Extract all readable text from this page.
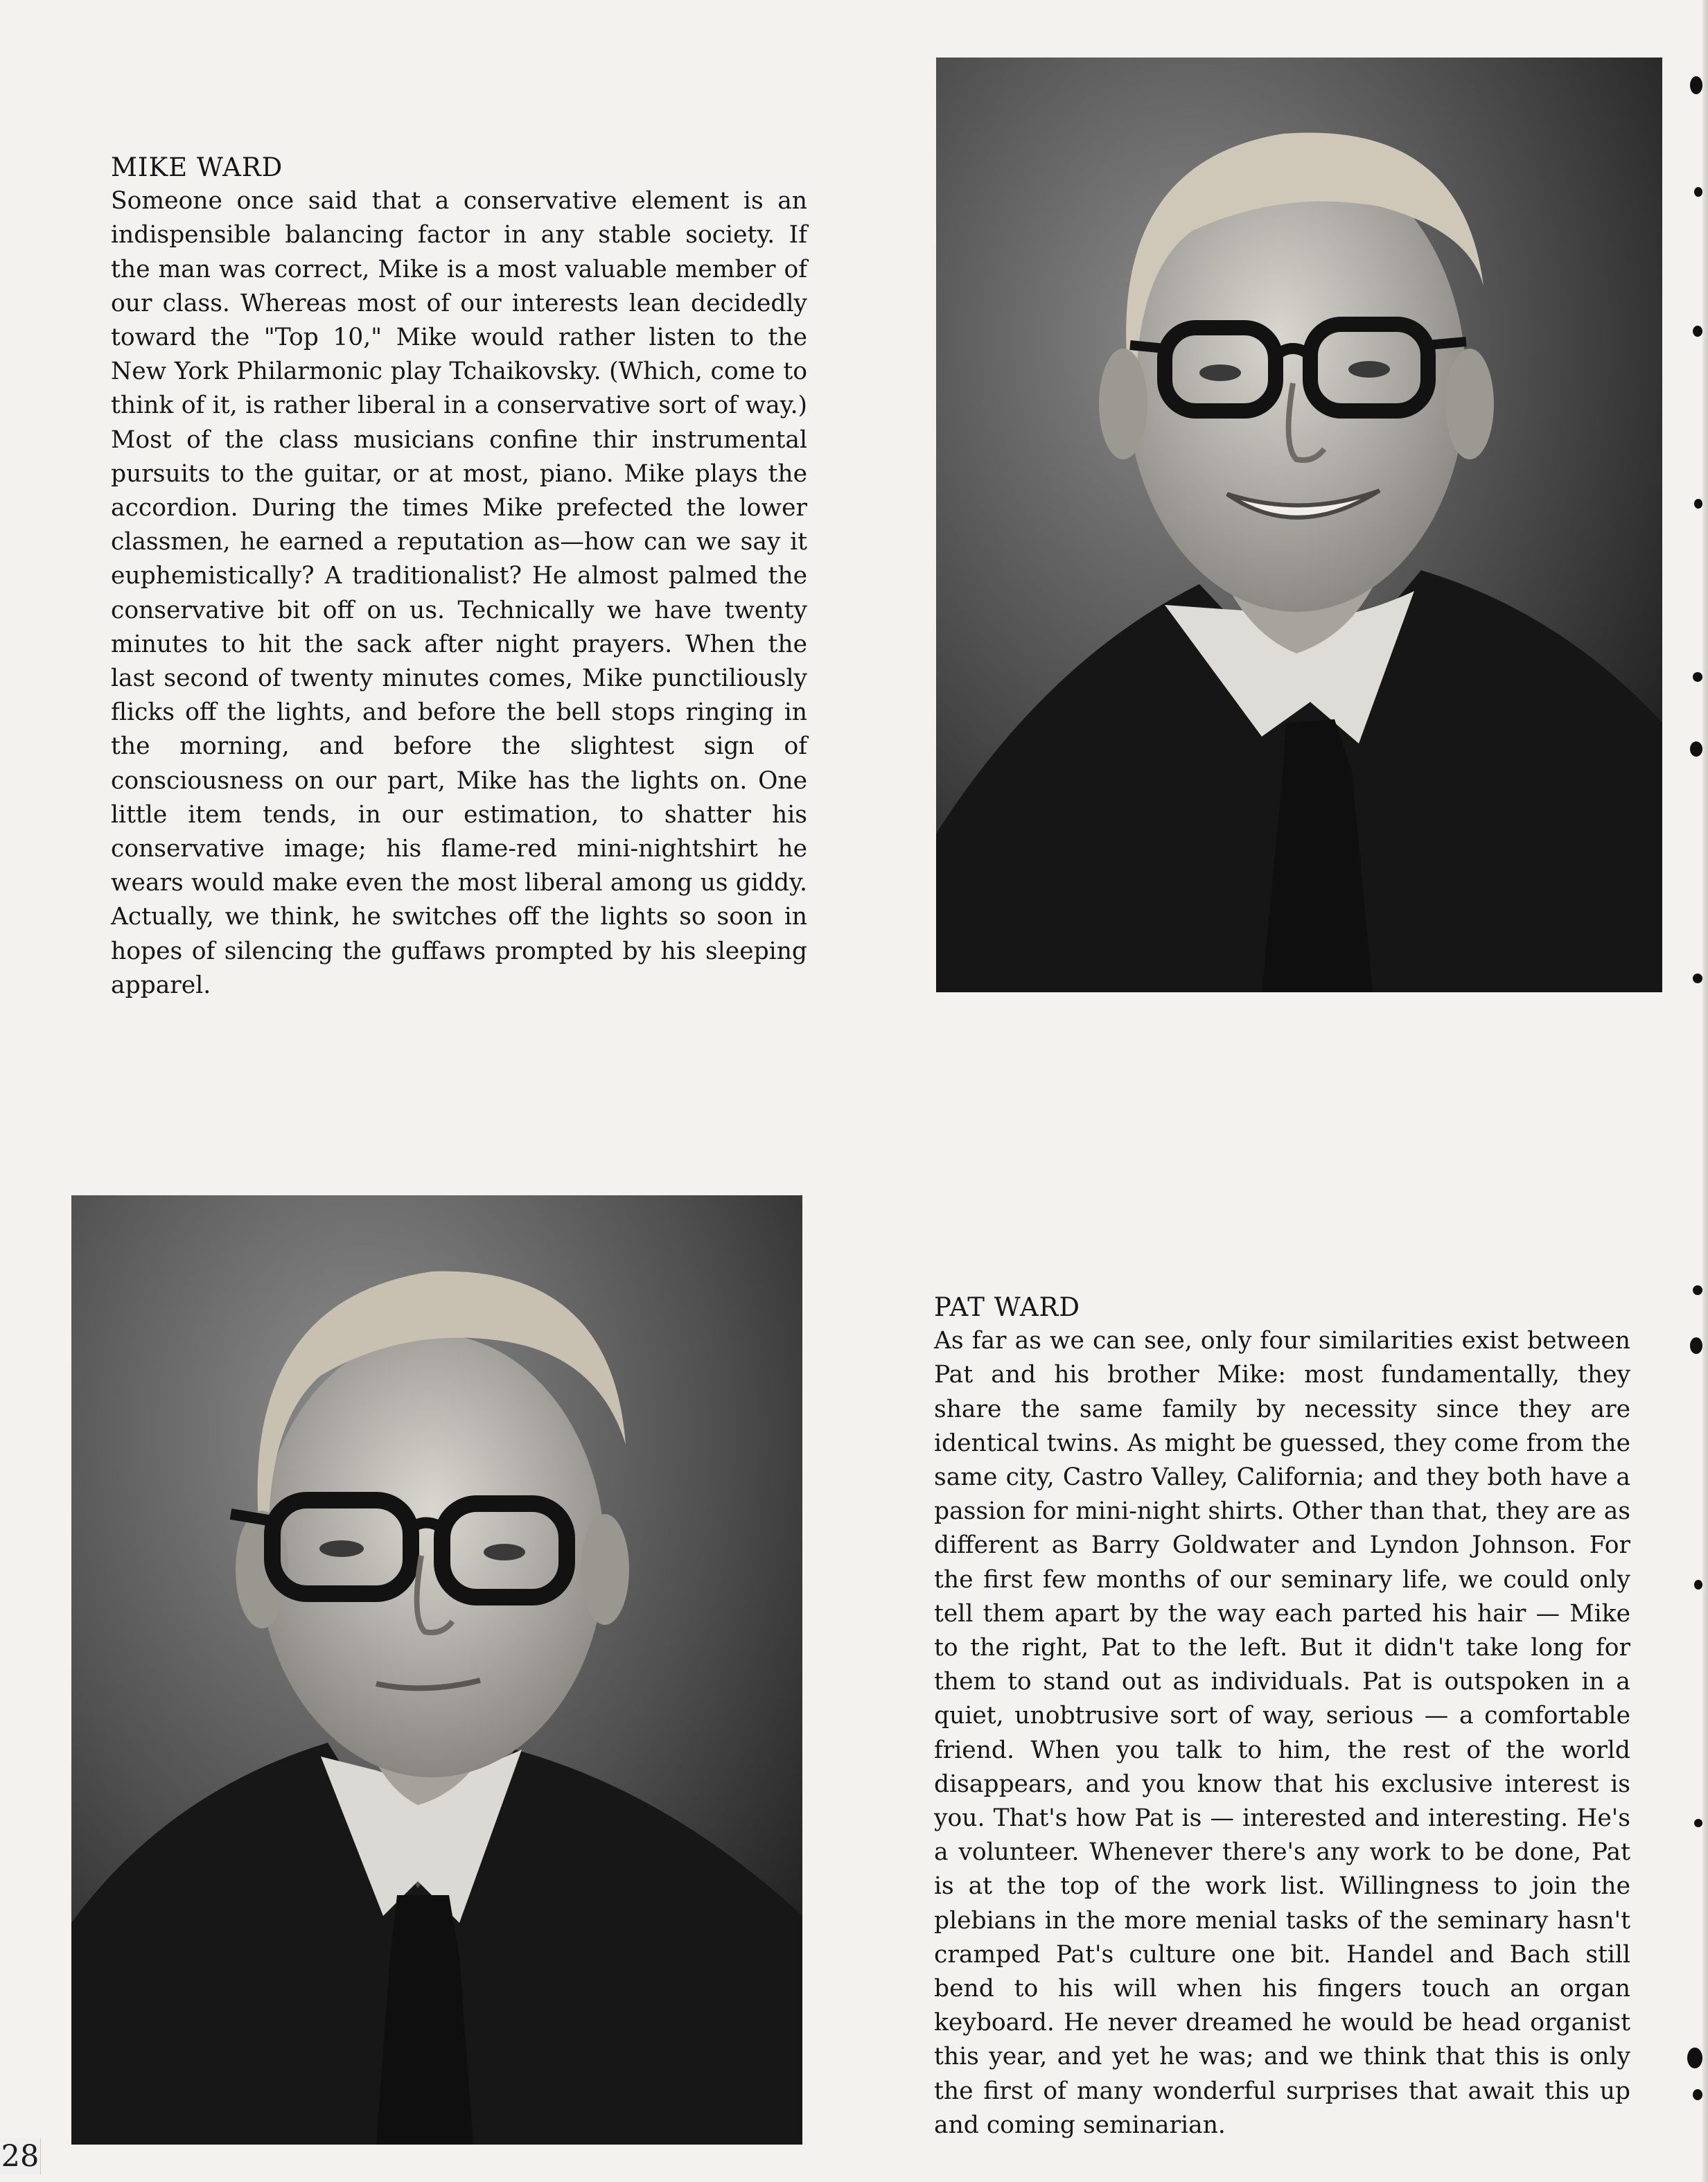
MIKE WARD
Someone once said that a conservative element is an indispensible balancing factor in any stable society. If the man was correct, Mike is a most valuable member of our class. Whereas most of our interests lean decidedly toward the "Top 10," Mike would rather listen to the New York Philarmonic play Tchaikovsky. (Which, come to think of it, is rather liberal in a conservative sort of way.) Most of the class musicians confine thir instrumental pursuits to the guitar, or at most, piano. Mike plays the accordion. During the times Mike prefected the lower classmen, he earned a reputation as—how can we say it euphemistically? A traditionalist? He almost palmed the conservative bit off on us. Technically we have twenty minutes to hit the sack after night prayers. When the last second of twenty minutes comes, Mike punctiliously flicks off the lights, and before the bell stops ringing in the morning, and before the slightest sign of consciousness on our part, Mike has the lights on. One little item tends, in our estimation, to shatter his conservative image; his flame-red mini-nightshirt he wears would make even the most liberal among us giddy. Actually, we think, he switches off the lights so soon in hopes of silencing the guffaws prompted by his sleeping apparel.
PAT WARD
As far as we can see, only four similarities exist between Pat and his brother Mike: most fundamentally, they share the same family by necessity since they are identical twins. As might be guessed, they come from the same city, Castro Valley, California; and they both have a passion for mini-night shirts. Other than that, they are as different as Barry Goldwater and Lyndon Johnson. For the first few months of our seminary life, we could only tell them apart by the way each parted his hair — Mike to the right, Pat to the left. But it didn't take long for them to stand out as individuals. Pat is outspoken in a quiet, unobtrusive sort of way, serious — a comfortable friend. When you talk to him, the rest of the world disappears, and you know that his exclusive interest is you. That's how Pat is — interested and interesting. He's a volunteer. Whenever there's any work to be done, Pat is at the top of the work list. Willingness to join the plebians in the more menial tasks of the seminary hasn't cramped Pat's culture one bit. Handel and Bach still bend to his will when his fingers touch an organ keyboard. He never dreamed he would be head organist this year, and yet he was; and we think that this is only the first of many wonderful surprises that await this up and coming seminarian.
28
